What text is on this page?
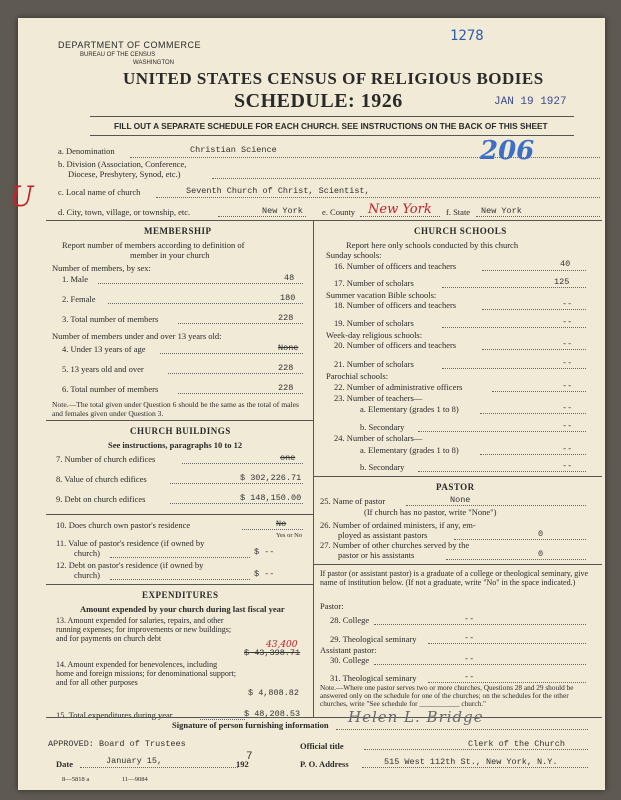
DEPARTMENT OF COMMERCE
BUREAU OF THE CENSUS
WASHINGTON
1278
UNITED STATES CENSUS OF RELIGIOUS BODIES
SCHEDULE: 1926	JAN 19 1927
206
FILL OUT A SEPARATE SCHEDULE FOR EACH CHURCH. SEE INSTRUCTIONS ON THE BACK OF THIS SHEET
a. Denomination	Christian Science
b. Division (Association, Conference,
Diocese, Presbytery, Synod, etc.)
U	c. Local name of church	Seventh Church of Christ, Scientist,
d. City, town, village, or township, etc.	New York e. County New York f. State New York
MEMBERSHIP
Report number of members according to definition of
member in your church
Number of members, by sex:
1. Male	48
2. Female	180
3. Total number of members	228
Number of members under and over 13 years old:
4. Under 13 years of age	None
5. 13 years old and over	228
6. Total number of members	228
Note.—The total given under Question 6 should be the same as the total of males and females given under Question 3.
CHURCH BUILDINGS
See instructions, paragraphs 10 to 12
7. Number of church edifices	one
8. Value of church edifices	$ 302,226.71
9. Debt on church edifices	$ 148,150.00
10. Does church own pastor's residence	No
Yes or No
11. Value of pastor's residence (if owned by
church)	$ --
12. Debt on pastor's residence (if owned by
church)	$ --
EXPENDITURES
Amount expended by your church during last fiscal year
13. Amount expended for salaries, repairs, and other running expenses; for improvements or new buildings; and for payments on church debt
43,400
$ 43,398.71
14. Amount expended for benevolences, including home and foreign missions; for denominational support; and for all other purposes
$ 4,808.82
15. Total expenditures during year	$ 48,208.53
CHURCH SCHOOLS
Report here only schools conducted by this church
Sunday schools:
16. Number of officers and teachers	40
17. Number of scholars	125
Summer vacation Bible schools:
18. Number of officers and teachers	--
19. Number of scholars	--
Week-day religious schools:
20. Number of officers and teachers	--
21. Number of scholars	--
Parochial schools:
22. Number of administrative officers	--
23. Number of teachers—
a. Elementary (grades 1 to 8)	--
b. Secondary	--
24. Number of scholars—
a. Elementary (grades 1 to 8)	--
b. Secondary	--
PASTOR
25. Name of pastor	None
(If church has no pastor, write "None")
26. Number of ordained ministers, if any, em-
ployed as assistant pastors	0
27. Number of other churches served by the
pastor or his assistants	0
If pastor (or assistant pastor) is a graduate of a college or theological seminary, give name of institution below. (If not a graduate, write "No" in the space indicated.)
Pastor:
28. College	--
29. Theological seminary	--
Assistant pastor:
30. College	--
31. Theological seminary	--
Note.—Where one pastor serves two or more churches, Questions 28 and 29 should be answered only on the schedule for one of the churches; on the schedules for the other churches, write "See schedule for ___________ church."
Signature of person furnishing information Helen L. Bridge
APPROVED: Board of Trustees	Official title	Clerk of the Church
Date	January 15,	192
7
P. O. Address	515 West 112th St., New York, N.Y.
8—5818 a	11—9084
